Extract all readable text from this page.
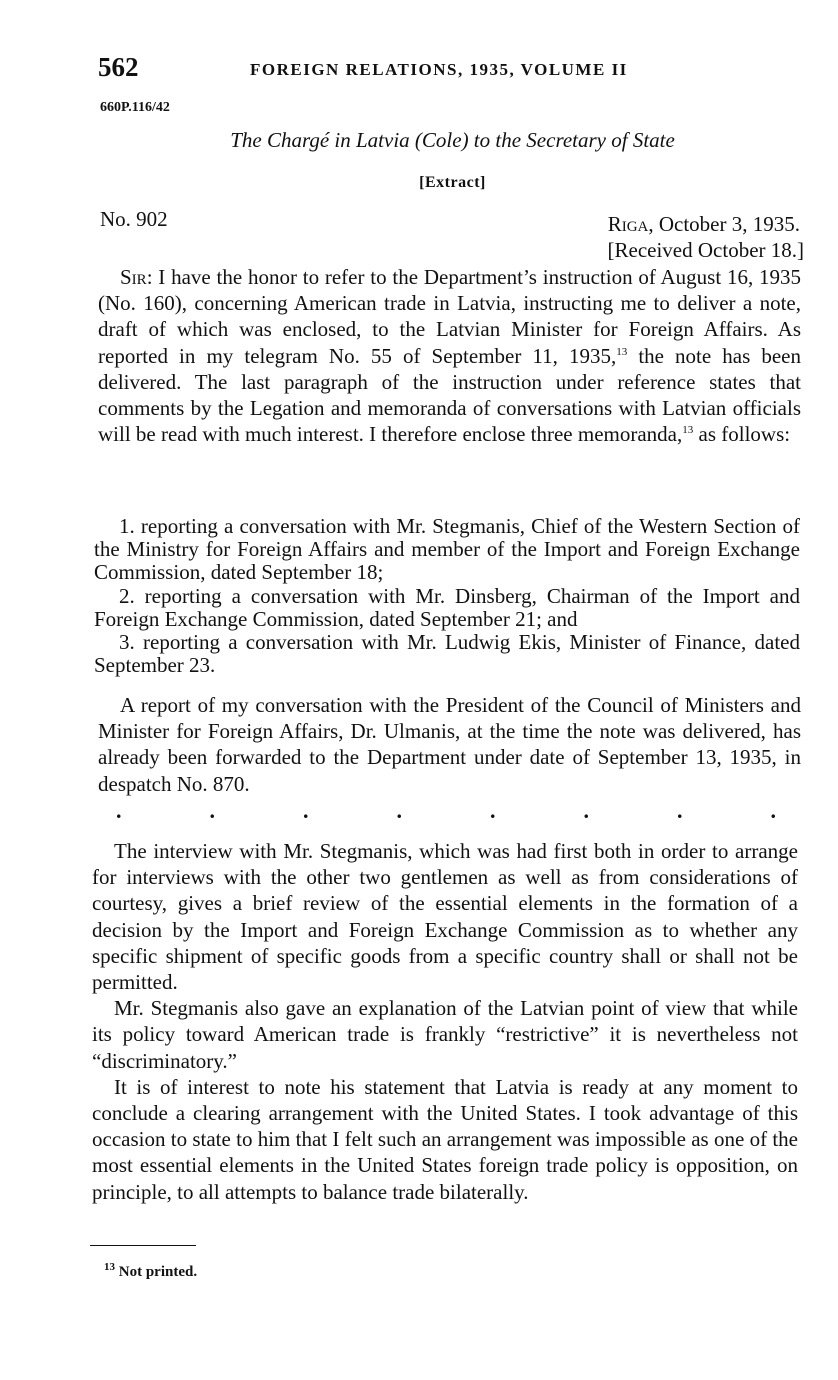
562	FOREIGN RELATIONS, 1935, VOLUME II
660P.116/42
The Chargé in Latvia (Cole) to the Secretary of State
[Extract]
No. 902	Riga, October 3, 1935.
[Received October 18.]

Sir: I have the honor to refer to the Department’s instruction of August 16, 1935 (No. 160), concerning American trade in Latvia, instructing me to deliver a note, draft of which was enclosed, to the Latvian Minister for Foreign Affairs. As reported in my telegram No. 55 of September 11, 1935,13 the note has been delivered. The last paragraph of the instruction under reference states that comments by the Legation and memoranda of conversations with Latvian officials will be read with much interest. I therefore enclose three memoranda,$^{13}$ as follows:

1. reporting a conversation with Mr. Stegmanis, Chief of the Western Section of the Ministry for Foreign Affairs and member of the Import and Foreign Exchange Commission, dated September 18;

2. reporting a conversation with Mr. Dinsberg, Chairman of the Import and Foreign Exchange Commission, dated September 21; and

3. reporting a conversation with Mr. Ludwig Ekis, Minister of Finance, dated September 23.

A report of my conversation with the President of the Council of Ministers and Minister for Foreign Affairs, Dr. Ulmanis, at the time the note was delivered, has already been forwarded to the Department under date of September 13, 1935, in despatch No. 870.

.	.	.	.	.	.	.	.

The interview with Mr. Stegmanis, which was had first both in order to arrange for interviews with the other two gentlemen as well as from considerations of courtesy, gives a brief review of the essential elements in the formation of a decision by the Import and Foreign Exchange Commission as to whether any specific shipment of specific goods from a specific country shall or shall not be permitted.

Mr. Stegmanis also gave an explanation of the Latvian point of view that while its policy toward American trade is frankly “restrictive” it is nevertheless not “discriminatory.”

It is of interest to note his statement that Latvia is ready at any moment to conclude a clearing arrangement with the United States. I took advantage of this occasion to state to him that I felt such an arrangement was impossible as one of the most essential elements in the United States foreign trade policy is opposition, on principle, to all attempts to balance trade bilaterally.

$^{13}$ Not printed.
